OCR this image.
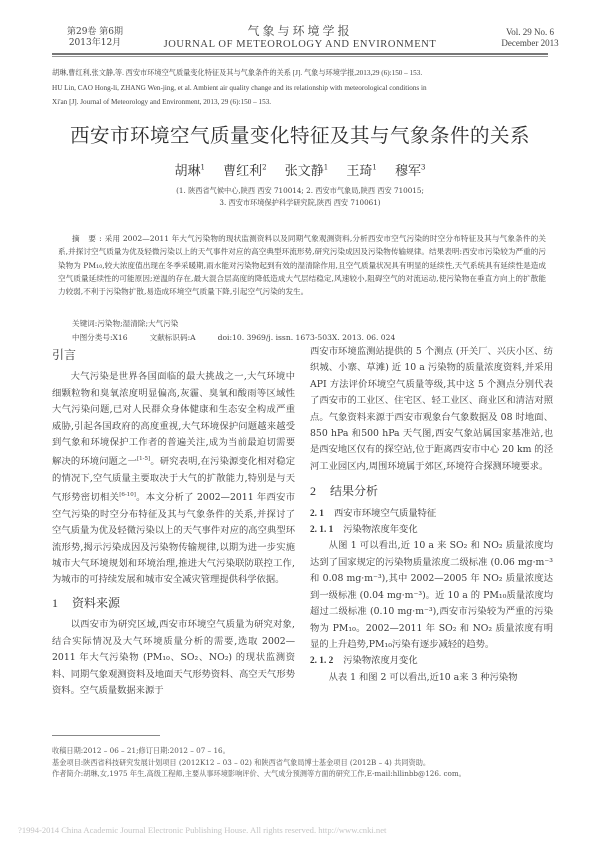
第29卷 第6期
2013年12月
气象与环境学报
JOURNAL OF METEOROLOGY AND ENVIRONMENT
Vol. 29 No. 6
December 2013
胡琳,曹红利,张文静,等. 西安市环境空气质量变化特征及其与气象条件的关系 [J]. 气象与环境学报,2013,29 (6):150 – 153.
HU Lin, CAO Hong-li, ZHANG Wen-jing, et al. Ambient air quality change and its relationship with meteorological conditions in
Xi'an [J]. Journal of Meteorology and Environment, 2013, 29 (6):150 – 153.
西安市环境空气质量变化特征及其与气象条件的关系
胡琳$^1$ 曹红利$^2$ 张文静$^1$ 王琦$^1$ 穆军$^3$
(1. 陕西省气候中心,陕西 西安 710014; 2. 西安市气象局,陕西 西安 710015;
3. 西安市环境保护科学研究院,陕西 西安 710061)
摘 要:采用 2002—2011 年大气污染物的现状监测资料以及同期气象观测资料,分析西安市空气污染的时空分布特征及其与气象条件的关系,并探讨空气质量为优及轻微污染以上的天气事件对应的高空典型环流形势,研究污染成因及污染物传输规律。结果表明:西安市污染较为严重的污染物为 PM₁₀,较大浓度值出现在冬季采暖期,雨水能对污染物起到有效的湿清除作用,且空气质量状况具有明显的延续性,天气系统具有延续性是造成空气质量延续性的可能原因;逆温的存在,最大混合层高度的降低造成大气层结稳定,风速较小,阻碍空气的对流运动,使污染物在垂直方向上的扩散能力较弱,不利于污染物扩散,易造成环境空气质量下降,引起空气污染的发生。
关键词:污染物;湿清除;大气污染
中图分类号:X16	文献标识码:A	doi:10. 3969/j. issn. 1673-503X. 2013. 06. 024
引言

大气污染是世界各国面临的最大挑战之一,大气环境中细颗粒物和臭氧浓度明显偏高,灰霾、臭氧和酸雨等区域性大气污染问题,已对人民群众身体健康和生态安全构成严重威胁,引起各国政府的高度重视,大气环境保护问题越来越受到气象和环境保护工作者的普遍关注,成为当前最迫切需要解决的环境问题之一[1-5]。研究表明,在污染源变化相对稳定的情况下,空气质量主要取决于大气的扩散能力,特别是与天气形势密切相关[6-10]。本文分析了 2002—2011 年西安市空气污染的时空分布特征及其与气象条件的关系,并探讨了空气质量为优及轻微污染以上的天气事件对应的高空典型环流形势,揭示污染成因及污染物传输规律,以期为进一步实施城市大气环境规划和环境治理,推进大气污染联防联控工作,为城市的可持续发展和城市安全减灾管理提供科学依据。

1 资料来源

以西安市为研究区域,西安市环境空气质量为研究对象,结合实际情况及大气环境质量分析的需要,选取 2002—2011 年大气污染物 (PM₁₀、SO₂、NO₂) 的现状监测资料、同期气象观测资料及地面天气形势资料、高空天气形势资料。空气质量数据来源于

西安市环境监测站提供的 5 个测点 (开关厂、兴庆小区、纺织城、小寨、草滩) 近 10 a 污染物的质量浓度资料,并采用 API 方法评价环境空气质量等级,其中这 5 个测点分别代表了西安市的工业区、住宅区、轻工业区、商业区和清洁对照点。气象资料来源于西安市观象台气象数据及 08 时地面、850 hPa 和500 hPa 天气图,西安气象站属国家基准站,也是西安地区仅有的探空站,位于距离西安市中心 20 km 的泾河工业园区内,周围环境属于郊区,环境符合探测环境要求。

2 结果分析
2. 1 西安市环境空气质量特征
2. 1. 1 污染物浓度年变化

从图 1 可以看出,近 10 a 来 SO₂ 和 NO₂ 质量浓度均达到了国家规定的污染物质量浓度二级标准 (0.06 mg·m⁻³ 和 0.08 mg·m⁻³),其中 2002—2005 年 NO₂ 质量浓度达到一级标准 (0.04 mg·m⁻³)。近 10 a 的 PM₁₀质量浓度均超过二级标准 (0.10 mg·m⁻³),西安市污染较为严重的污染物为 PM₁₀。2002—2011 年 SO₂ 和 NO₂ 质量浓度有明显的上升趋势,PM₁₀污染有逐步减轻的趋势。

2. 1. 2 污染物浓度月变化

从表 1 和图 2 可以看出,近10 a来 3 种污染物

收稿日期:2012 – 06 – 21;修订日期:2012 – 07 – 16。
基金项目:陕西省科技研究发展计划项目 (2012K12 – 03 – 02) 和陕西省气象局博士基金项目 (2012B – 4) 共同资助。
作者简介:胡琳,女,1975 年生,高级工程师,主要从事环境影响评价、大气成分预测等方面的研究工作,E-mail:hllinbb@126. com。
?1994-2014 China Academic Journal Electronic Publishing House. All rights reserved. http://www.cnki.net
